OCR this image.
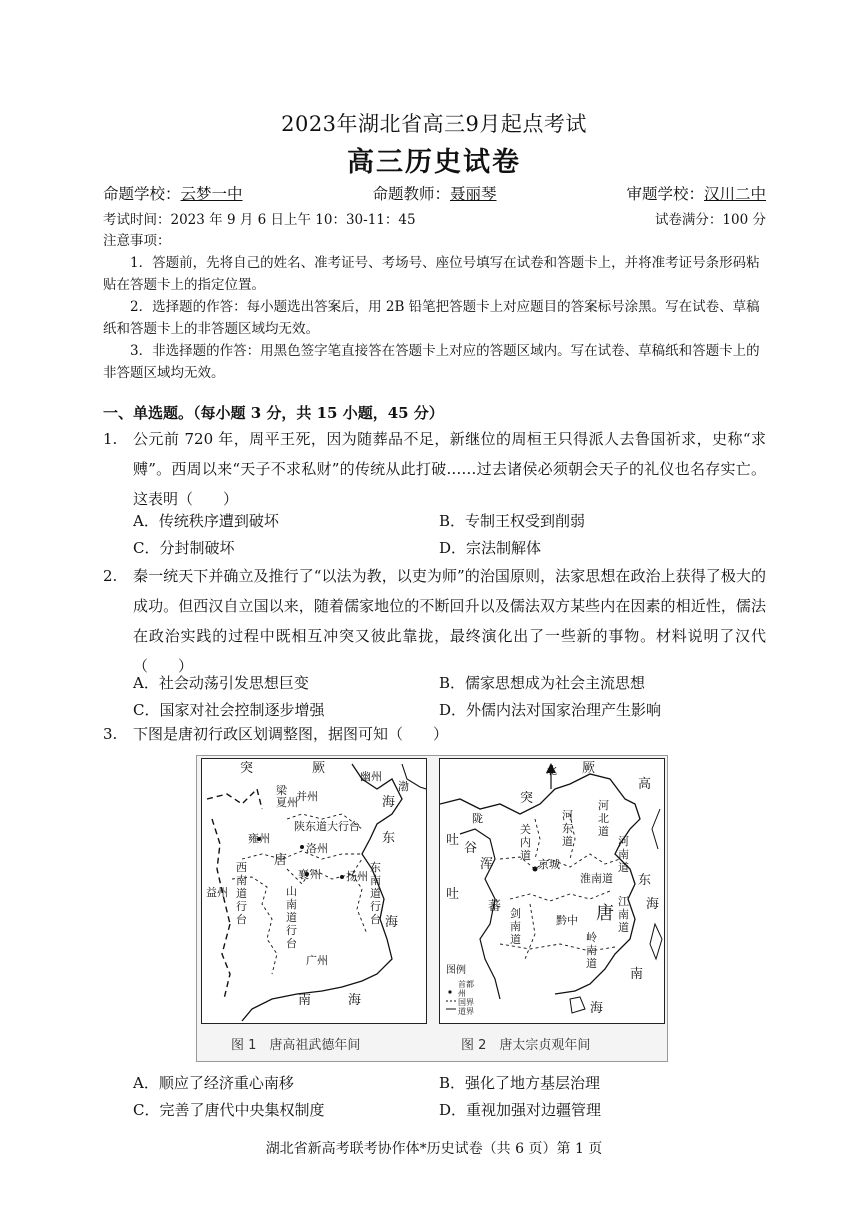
2023年湖北省高三9月起点考试
高三历史试卷
命题学校：云梦一中	命题教师：聂丽琴	审题学校：汉川二中
考试时间：2023 年 9 月 6 日上午 10：30-11：45	试卷满分：100 分

注意事项：

1．答题前，先将自己的姓名、准考证号、考场号、座位号填写在试卷和答题卡上，并将准考证号条形码粘贴在答题卡上的指定位置。

2．选择题的作答：每小题选出答案后，用 2B 铅笔把答题卡上对应题目的答案标号涂黑。写在试卷、草稿纸和答题卡上的非答题区域均无效。

3．非选择题的作答：用黑色签字笔直接答在答题卡上对应的答题区域内。写在试卷、草稿纸和答题卡上的非答题区域均无效。

一、单选题。（每小题 3 分，共 15 小题，45 分）
1. 公元前 720 年，周平王死，因为随葬品不足，新继位的周桓王只得派人去鲁国祈求，史称“求赙”。西周以来“天子不求私财”的传统从此打破……过去诸侯必须朝会天子的礼仪也名存实亡。这表明（　　）
A．传统秩序遭到破坏	B．专制王权受到削弱
C．分封制破坏	D．宗法制解体
2. 秦一统天下并确立及推行了“以法为教，以吏为师”的治国原则，法家思想在政治上获得了极大的成功。但西汉自立国以来，随着儒家地位的不断回升以及儒法双方某些内在因素的相近性，儒法在政治实践的过程中既相互冲突又彼此靠拢，最终演化出了一些新的事物。材料说明了汉代（　　）
A．社会动荡引发思想巨变	B．儒家思想成为社会主流思想
C．国家对社会控制逐步增强	D．外儒内法对国家治理产生影响
3. 下图是唐初行政区划调整图，据图可知（　　）
突	厥
幽州
渤
海
梁
夏 州
并州
陕东道大行台
雍州
洛州
东
唐
襄 州 扬州
西南道行台
益州	山南道行台
东南道行台 海
广州
南	海
北
突
厥
高
陇
吐
谷
浑
吐
蕃
关内道
河东道
河北道
河南道
京城
淮南道
江南道
唐
剑南道
黔中
岭南道
东
海
南
海
图例
首都
州
国界
道界
图 1　唐高祖武德年间	图 2　唐太宗贞观年间
A．顺应了经济重心南移	B．强化了地方基层治理
C．完善了唐代中央集权制度	D．重视加强对边疆管理
湖北省新高考联考协作体*历史试卷（共 6 页）第 1 页
